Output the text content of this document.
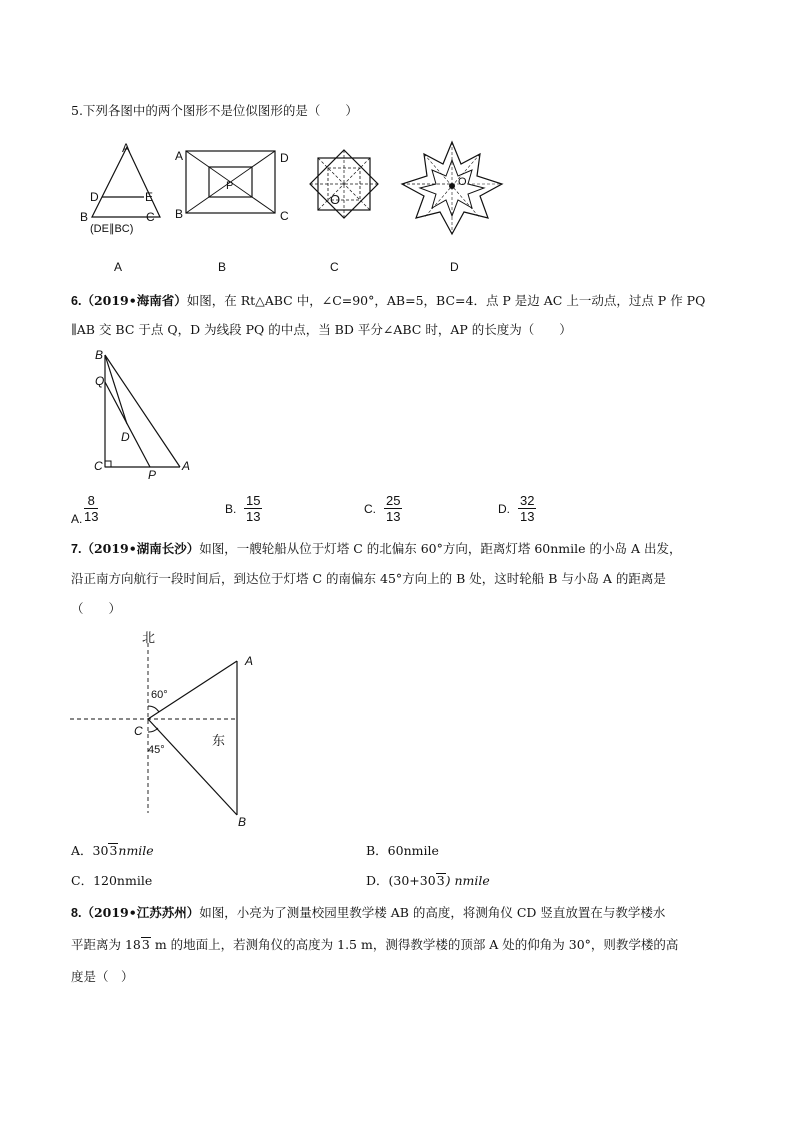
5.下列各图中的两个图形不是位似图形的是（　　）
A
D	E
B	C
(DE∥BC)
A	D
B	C
P
O
O
A	B	C	D
6.（2019•海南省）如图，在 Rt△ABC 中，∠C=90°，AB=5，BC=4．点 P 是边 AC 上一动点，过点 P 作 PQ
∥AB 交 BC 于点 Q，D 为线段 PQ 的中点，当 BD 平分∠ABC 时，AP 的长度为（　　）
B
Q
D
C
P
A
A. $\frac{8}{13}$	B. $\frac{15}{13}$	C. $\frac{25}{13}$	D. $\frac{32}{13}$
7.（2019•湖南长沙）如图，一艘轮船从位于灯塔 C 的北偏东 60°方向，距离灯塔 60nmile 的小岛 A 出发，
沿正南方向航行一段时间后，到达位于灯塔 C 的南偏东 45°方向上的 B 处，这时轮船 B 与小岛 A 的距离是
（　　）
北
A
60°
C
东
45°
B
A．303nmile	B．60nmile
C．120nmile	D．(30+303) nmile
8.（2019•江苏苏州）如图，小亮为了测量校园里教学楼 AB 的高度，将测角仪 CD 竖直放置在与教学楼水
平距离为 183 m 的地面上，若测角仪的高度为 1.5 m，测得教学楼的顶部 A 处的仰角为 30°，则教学楼的高
度是（　）
